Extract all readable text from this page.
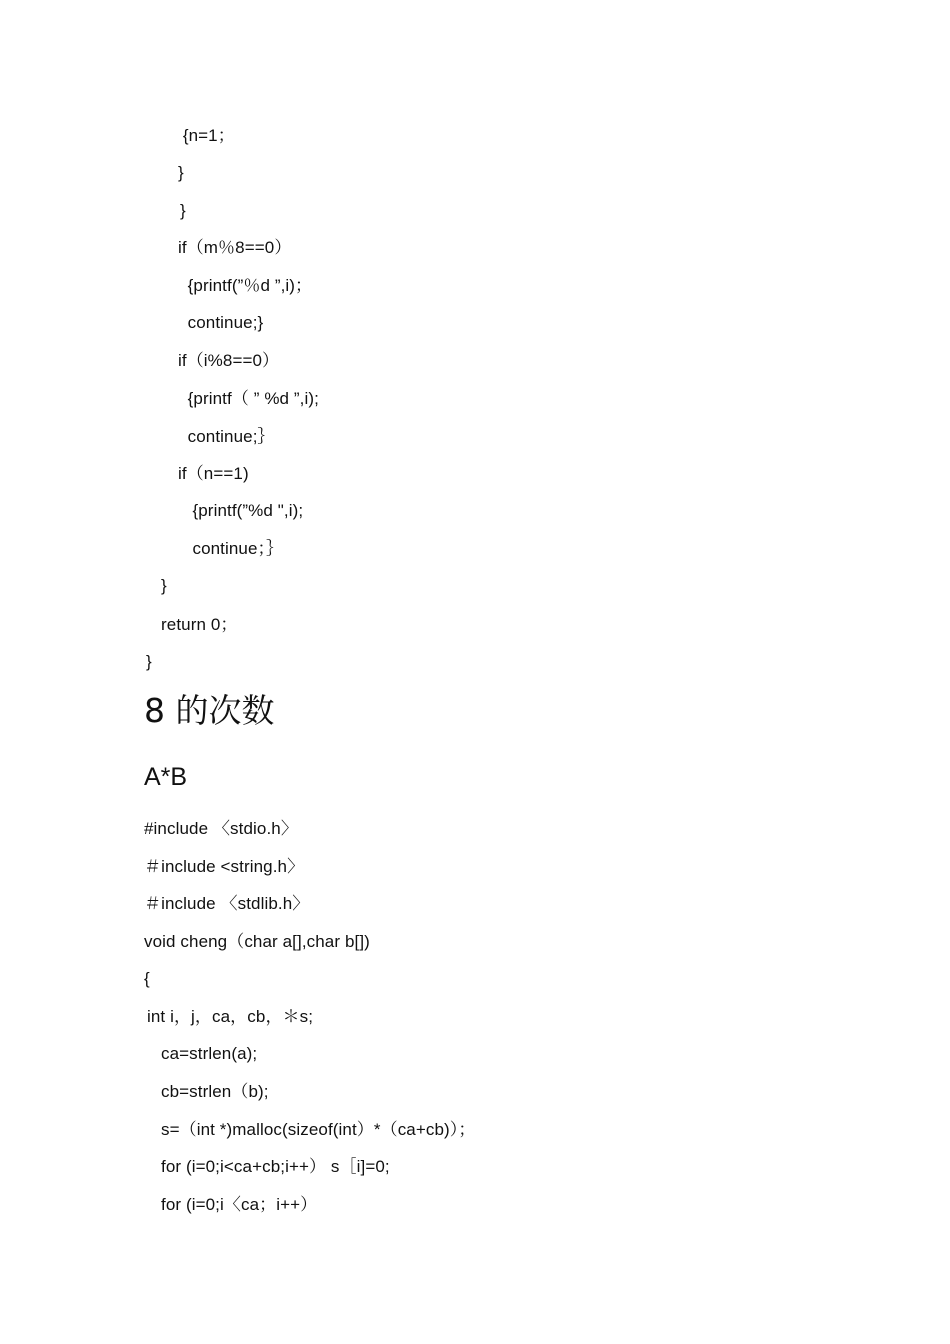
{n=1；
}
}
if（m％8==0）
{printf(”％d ”,i)；
continue;}
if（i%8==0）
{printf（ ” %d ”,i);
continue;｝
if（n==1)
{printf(”%d ",i);
continue；｝
}
return 0；
}
8 的次数
A*B
#include 〈stdio.h〉
＃include <string.h〉
＃include 〈stdlib.h〉
void cheng（char a[],char b[])
{
int i，j，ca，cb，＊s;
ca=strlen(a);
cb=strlen（b);
s=（int *)malloc(sizeof(int）*（ca+cb)）；
for (i=0;i<ca+cb;i++） s［i]=0;
for (i=0;i〈ca；i++）
